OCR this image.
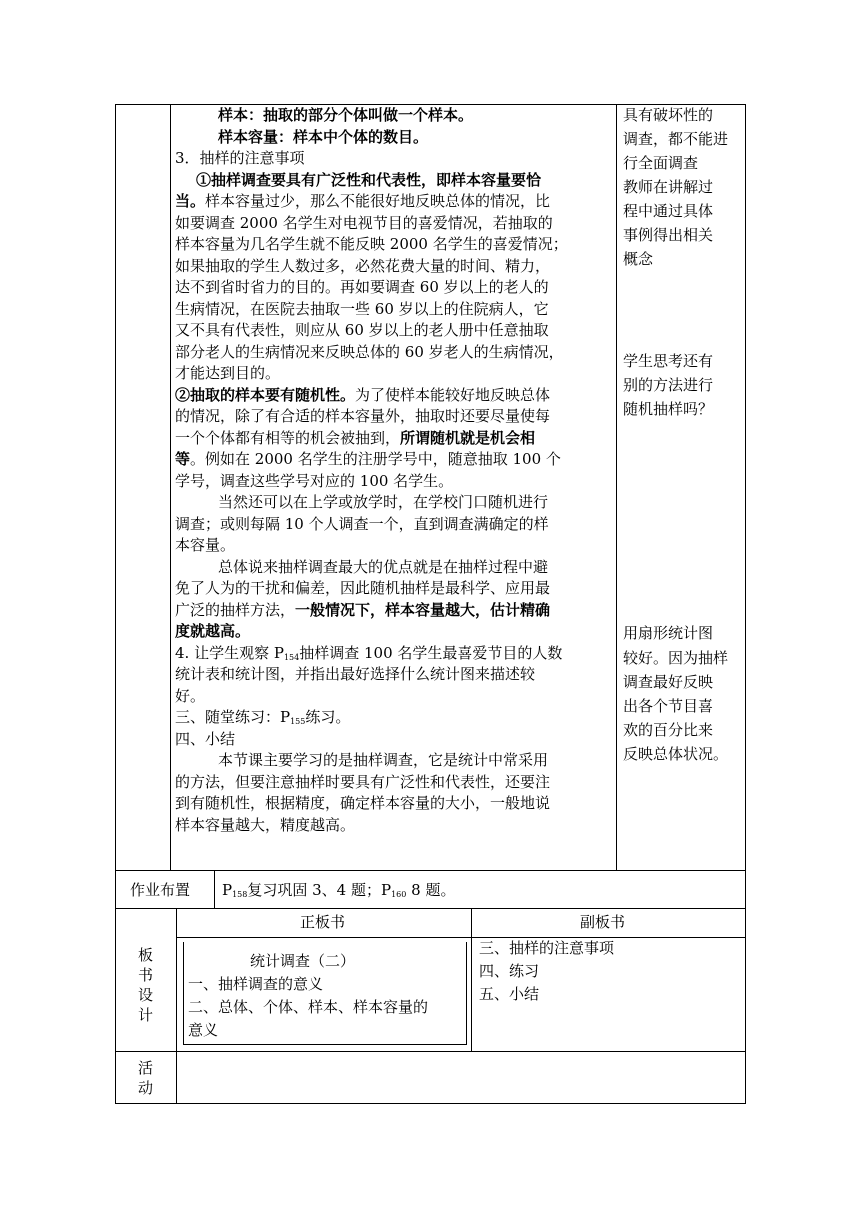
样本：抽取的部分个体叫做一个样本。
样本容量：样本中个体的数目。
3．抽样的注意事项
①抽样调查要具有广泛性和代表性，即样本容量要恰
当。样本容量过少，那么不能很好地反映总体的情况，比
如要调查 2000 名学生对电视节目的喜爱情况，若抽取的
样本容量为几名学生就不能反映 2000 名学生的喜爱情况；
如果抽取的学生人数过多，必然花费大量的时间、精力，
达不到省时省力的目的。再如要调查 60 岁以上的老人的
生病情况，在医院去抽取一些 60 岁以上的住院病人，它
又不具有代表性，则应从 60 岁以上的老人册中任意抽取
部分老人的生病情况来反映总体的 60 岁老人的生病情况，
才能达到目的。
②抽取的样本要有随机性。为了使样本能较好地反映总体
的情况，除了有合适的样本容量外，抽取时还要尽量使每
一个个体都有相等的机会被抽到，所谓随机就是机会相
等。例如在 2000 名学生的注册学号中，随意抽取 100 个
学号，调查这些学号对应的 100 名学生。
当然还可以在上学或放学时，在学校门口随机进行
调查；或则每隔 10 个人调查一个，直到调查满确定的样
本容量。
总体说来抽样调查最大的优点就是在抽样过程中避
免了人为的干扰和偏差，因此随机抽样是最科学、应用最
广泛的抽样方法，一般情况下，样本容量越大，估计精确
度就越高。
4. 让学生观察 $P_{154}$抽样调查 100 名学生最喜爱节目的人数
统计表和统计图，并指出最好选择什么统计图来描述较
好。
三、随堂练习：$P_{155}$练习。
四、小结
本节课主要学习的是抽样调查，它是统计中常采用
的方法，但要注意抽样时要具有广泛性和代表性，还要注
到有随机性，根据精度，确定样本容量的大小，一般地说
样本容量越大，精度越高。
具有破坏性的
调查，都不能进
行全面调查
教师在讲解过
程中通过具体
事例得出相关
概念
学生思考还有
别的方法进行
随机抽样吗？
用扇形统计图
较好。因为抽样
调查最好反映
出各个节目喜
欢的百分比来
反映总体状况。
作业布置 $P_{158}$复习巩固 3、4 题；$P_{160}$ 8 题。
板
书
设
计
正板书	副板书
统计调查（二）
一、抽样调查的意义
二、总体、个体、样本、样本容量的
意义
三、抽样的注意事项
四、练习
五、小结
活
动
